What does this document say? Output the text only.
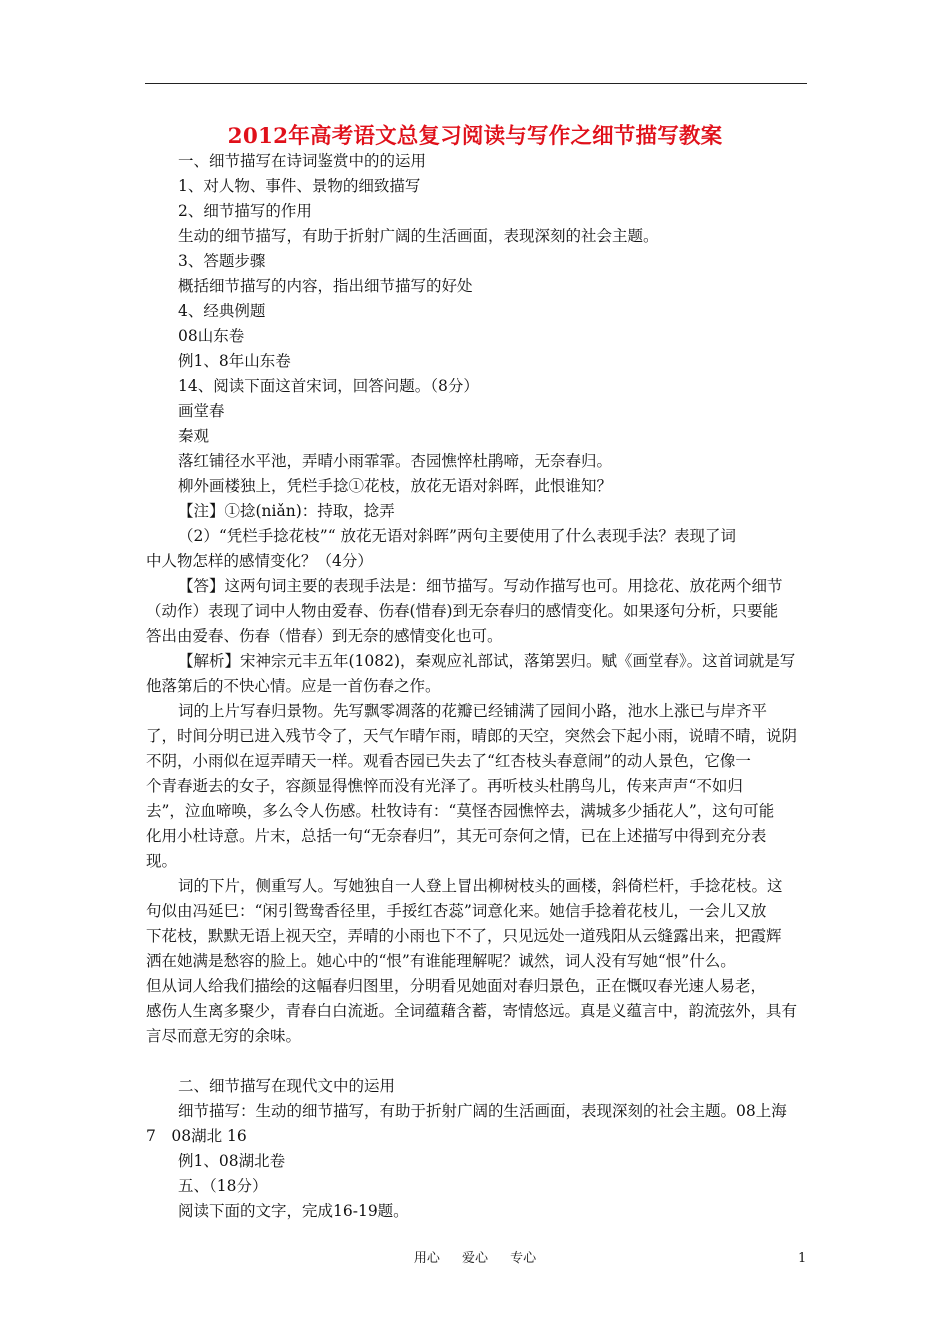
2012年高考语文总复习阅读与写作之细节描写教案
一、细节描写在诗词鉴赏中的的运用
1、对人物、事件、景物的细致描写
2、细节描写的作用
生动的细节描写，有助于折射广阔的生活画面，表现深刻的社会主题。
3、答题步骤
概括细节描写的内容，指出细节描写的好处
4、经典例题
08山东卷
例1、8年山东卷
14、阅读下面这首宋词，回答问题。（8分）
画堂春
秦观
落红铺径水平池，弄晴小雨霏霏。杏园憔悴杜鹃啼，无奈春归。
柳外画楼独上，凭栏手捻①花枝，放花无语对斜晖，此恨谁知？
【注】①捻(niǎn)：持取，捻弄
（2）“凭栏手捻花枝”“ 放花无语对斜晖”两句主要使用了什么表现手法？表现了词
中人物怎样的感情变化？（4分）
【答】这两句词主要的表现手法是：细节描写。写动作描写也可。用捻花、放花两个细节
（动作）表现了词中人物由爱春、伤春(惜春)到无奈春归的感情变化。如果逐句分析，只要能
答出由爱春、伤春（惜春）到无奈的感情变化也可。
【解析】宋神宗元丰五年(1082)，秦观应礼部试，落第罢归。赋《画堂春》。这首词就是写
他落第后的不快心情。应是一首伤春之作。
词的上片写春归景物。先写飘零凋落的花瓣已经铺满了园间小路，池水上涨已与岸齐平
了，时间分明已进入残节令了，天气乍晴乍雨，晴郎的天空，突然会下起小雨，说晴不晴，说阴
不阴，小雨似在逗弄晴天一样。观看杏园已失去了“红杏枝头春意闹”的动人景色，它像一
个青春逝去的女子，容颜显得憔悴而没有光泽了。再听枝头杜鹃鸟儿，传来声声“不如归
去”，泣血啼唤，多么令人伤感。杜牧诗有：“莫怪杏园憔悴去，满城多少插花人”，这句可能
化用小杜诗意。片末，总括一句“无奈春归”，其无可奈何之情，已在上述描写中得到充分表
现。
词的下片，侧重写人。写她独自一人登上冒出柳树枝头的画楼，斜倚栏杆，手捻花枝。这
句似由冯延巳：“闲引鸳鸯香径里，手挼红杏蕊”词意化来。她信手捻着花枝儿，一会儿又放
下花枝，默默无语上视天空，弄晴的小雨也下不了，只见远处一道残阳从云缝露出来，把霞辉
洒在她满是愁容的脸上。她心中的“恨”有谁能理解呢？诚然，词人没有写她“恨”什么。
但从词人给我们描绘的这幅春归图里，分明看见她面对春归景色，正在慨叹春光速人易老，
感伤人生离多聚少，青春白白流逝。全词蕴藉含蓄，寄情悠远。真是义蕴言中，韵流弦外，具有
言尽而意无穷的余味。
二、细节描写在现代文中的运用
细节描写：生动的细节描写，有助于折射广阔的生活画面，表现深刻的社会主题。08上海
7　08湖北 16
例1、08湖北卷
五、（18分）
阅读下面的文字，完成16-19题。
用心 爱心 专心	1
